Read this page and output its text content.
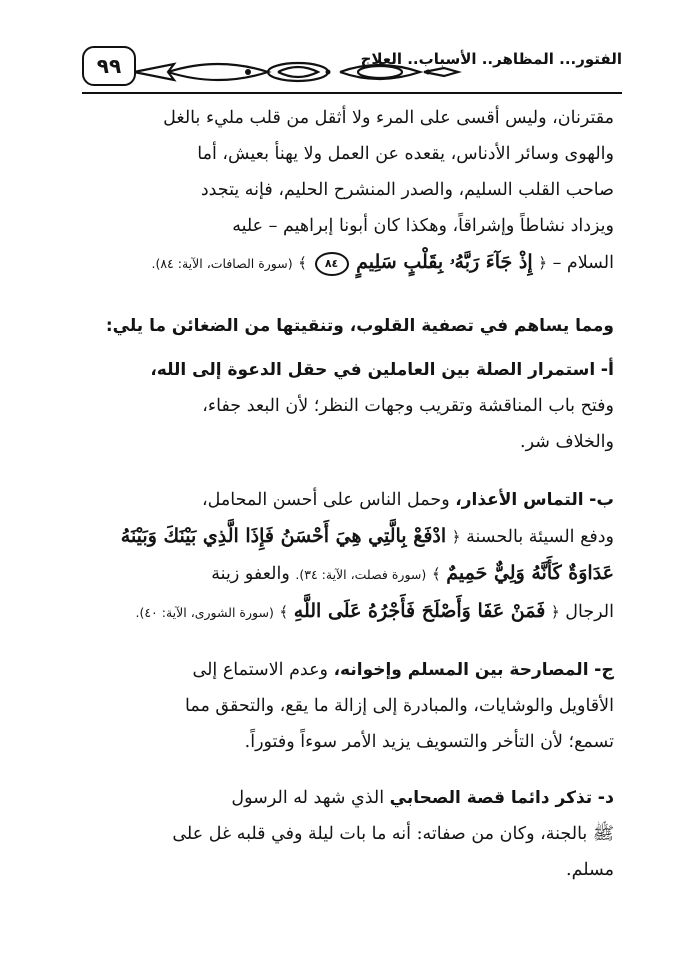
٩٩	الفتور... المظاهر.. الأسباب.. العلاج
مقترنان، وليس أقسى على المرء ولا أثقل من قلب مليء بالغل
والهوى وسائر الأدناس، يقعده عن العمل ولا يهنأ بعيش، أما
صاحب القلب السليم، والصدر المنشرح الحليم، فإنه يتجدد
ويزداد نشاطاً وإشراقاً، وهكذا كان أبونا إبراهيم – عليه
السلام – ﴿ إِذْ جَآءَ رَبَّهُۥ بِقَلْبٍ سَلِيمٍ ٨٤ ﴾ (سورة الصافات، الآية: ٨٤).
ومما يساهم في تصفية القلوب، وتنقيتها من الضغائن ما يلي:
أ- استمرار الصلة بين العاملين في حقل الدعوة إلى الله،
وفتح باب المناقشة وتقريب وجهات النظر؛ لأن البعد جفاء،
والخلاف شر.
ب- التماس الأعذار، وحمل الناس على أحسن المحامل،
ودفع السيئة بالحسنة ﴿ ادْفَعْ بِالَّتِي هِيَ أَحْسَنُ فَإِذَا الَّذِي بَيْنَكَ وَبَيْنَهُ
عَدَاوَةٌ كَأَنَّهُ وَلِيٌّ حَمِيمٌ ﴾ (سورة فصلت، الآية: ٣٤). والعفو زينة
الرجال ﴿ فَمَنْ عَفَا وَأَصْلَحَ فَأَجْرُهُ عَلَى اللَّهِ ﴾ (سورة الشورى، الآية: ٤٠).
ج- المصارحة بين المسلم وإخوانه، وعدم الاستماع إلى
الأقاويل والوشايات، والمبادرة إلى إزالة ما يقع، والتحقق مما
تسمع؛ لأن التأخر والتسويف يزيد الأمر سوءاً وفتوراً.
د- تذكر دائما قصة الصحابي الذي شهد له الرسول
ﷺ بالجنة، وكان من صفاته: أنه ما بات ليلة وفي قلبه غل على
مسلم.
